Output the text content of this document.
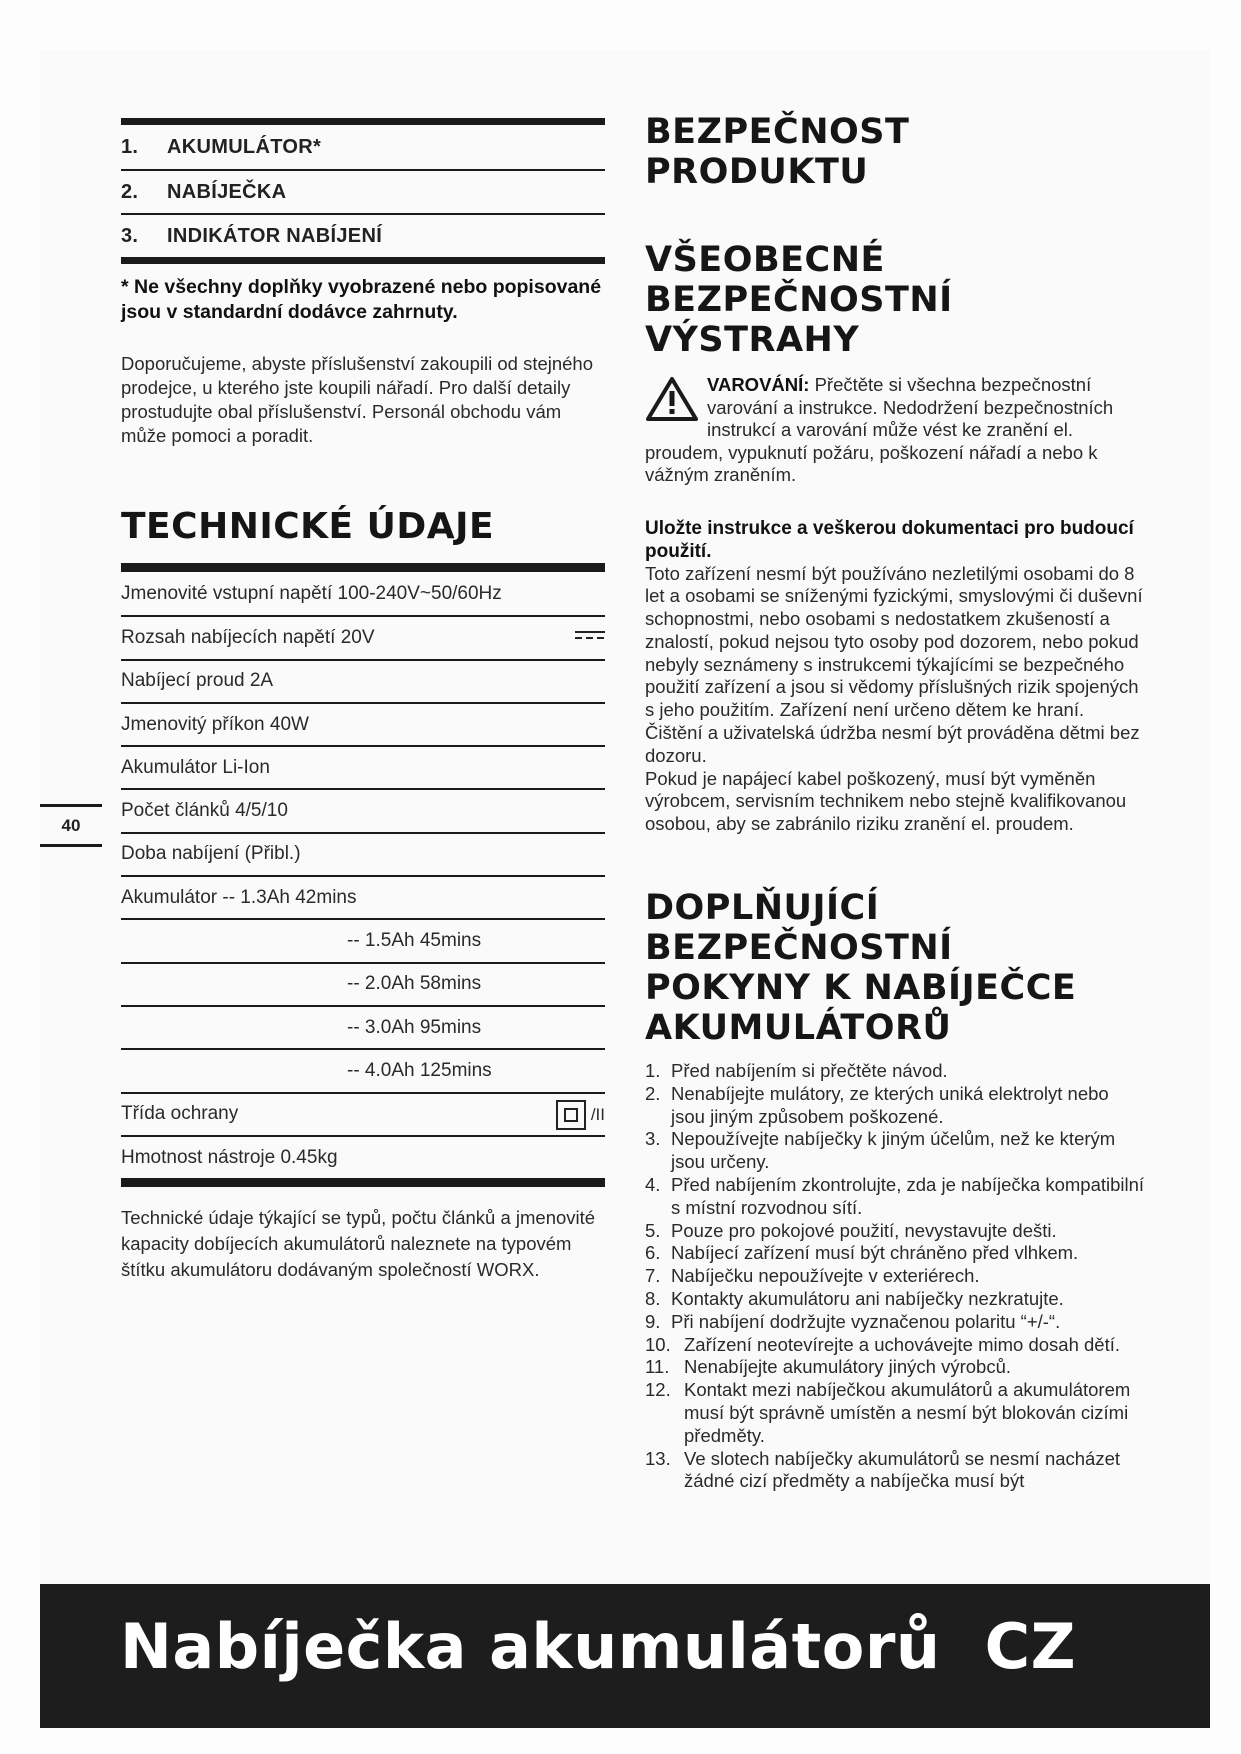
1.	AKUMULÁTOR*
2.	NABÍJEČKA
3.	INDIKÁTOR NABÍJENÍ

* Ne všechny doplňky vyobrazené nebo popisované jsou v standardní dodávce zahrnuty.

Doporučujeme, abyste příslušenství zakoupili od stejného prodejce, u kterého jste koupili nářadí. Pro další detaily prostudujte obal příslušenství. Personál obchodu vám může pomoci a poradit.

TECHNICKÉ ÚDAJE
Jmenovité vstupní napětí 100-240V~50/60Hz
Rozsah nabíjecích napětí 20V
Nabíjecí proud 2A
Jmenovitý příkon 40W
Akumulátor Li-Ion
Počet článků 4/5/10
Doba nabíjení (Přibl.)
Akumulátor -- 1.3Ah 42mins
-- 1.5Ah 45mins
-- 2.0Ah 58mins
-- 3.0Ah 95mins
-- 4.0Ah 125mins
Třída ochrany	/II
Hmotnost nástroje 0.45kg

Technické údaje týkající se typů, počtu článků a jmenovité kapacity dobíjecích akumulátorů naleznete na typovém štítku akumulátoru dodávaným společností WORX.

40
BEZPEČNOST
PRODUKTU
VŠEOBECNÉ
BEZPEČNOSTNÍ
VÝSTRAHY
VAROVÁNÍ: Přečtěte si všechna bezpečnostní varování a instrukce. Nedodržení bezpečnostních instrukcí a varování může vést ke zranění el. proudem, vypuknutí požáru, poškození nářadí a nebo k vážným zraněním.

Uložte instrukce a veškerou dokumentaci pro budoucí použití.

Toto zařízení nesmí být používáno nezletilými osobami do 8 let a osobami se sníženými fyzickými, smyslovými či duševní schopnostmi, nebo osobami s nedostatkem zkušeností a znalostí, pokud nejsou tyto osoby pod dozorem, nebo pokud nebyly seznámeny s instrukcemi týkajícími se bezpečného použití zařízení a jsou si vědomy příslušných rizik spojených s jeho použitím. Zařízení není určeno dětem ke hraní. Čištění a uživatelská údržba nesmí být prováděna dětmi bez dozoru.

Pokud je napájecí kabel poškozený, musí být vyměněn výrobcem, servisním technikem nebo stejně kvalifikovanou osobou, aby se zabránilo riziku zranění el. proudem.

DOPLŇUJÍCÍ
BEZPEČNOSTNÍ
POKYNY K NABÍJEČCE
AKUMULÁTORŮ
1. Před nabíjením si přečtěte návod.
2. Nenabíjejte mulátory, ze kterých uniká elektrolyt nebo jsou jiným způsobem poškozené.
3. Nepoužívejte nabíječky k jiným účelům, než ke kterým jsou určeny.
4. Před nabíjením zkontrolujte, zda je nabíječka kompatibilní s místní rozvodnou sítí.
5. Pouze pro pokojové použití, nevystavujte dešti.
6. Nabíjecí zařízení musí být chráněno před vlhkem.
7. Nabíječku nepoužívejte v exteriérech.
8. Kontakty akumulátoru ani nabíječky nezkratujte.
9. Při nabíjení dodržujte vyznačenou polaritu “+/-“.
10. Zařízení neotevírejte a uchovávejte mimo dosah dětí.
11. Nenabíjejte akumulátory jiných výrobců.
12. Kontakt mezi nabíječkou akumulátorů a akumulátorem musí být správně umístěn a nesmí být blokován cizími předměty.
13. Ve slotech nabíječky akumulátorů se nesmí nacházet žádné cizí předměty a nabíječka musí být
Nabíječka akumulátorů CZ
